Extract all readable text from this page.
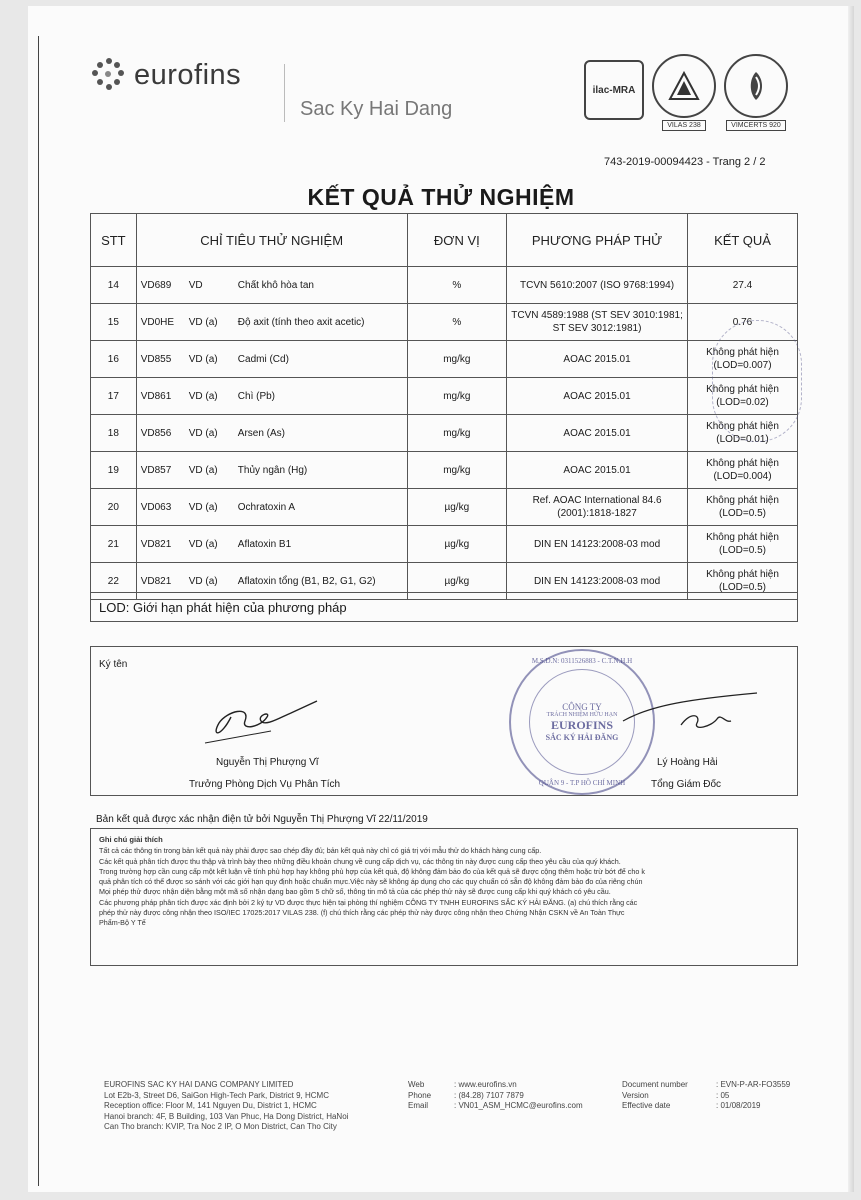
eurofins
Sac Ky Hai Dang
ilac-MRA
VILAS 238	VIMCERTS 920
743-2019-00094423 - Trang 2 / 2
KẾT QUẢ THỬ NGHIỆM
STT	CHỈ TIÊU THỬ NGHIỆM		ĐƠN VỊ	PHƯƠNG PHÁP THỬ	KẾT QUẢ
14	VD689 VD	Chất khô hòa tan	%	TCVN 5610:2007 (ISO 9768:1994)	27.4
15	VD0HE VD (a)	Độ axit (tính theo axit acetic)	%	TCVN 4589:1988 (ST SEV 3010:1981; ST SEV 3012:1981)	0.76
16	VD855 VD (a)	Cadmi (Cd)	mg/kg	AOAC 2015.01	Không phát hiện (LOD=0.007)
17	VD861 VD (a)	Chì (Pb)	mg/kg	AOAC 2015.01	Không phát hiện (LOD=0.02)
18	VD856 VD (a)	Arsen (As)	mg/kg	AOAC 2015.01	Không phát hiện (LOD=0.01)
19	VD857 VD (a)	Thủy ngân (Hg)	mg/kg	AOAC 2015.01	Không phát hiện (LOD=0.004)
20	VD063 VD (a)	Ochratoxin A	µg/kg	Ref. AOAC International 84.6 (2001):1818-1827	Không phát hiện (LOD=0.5)
21	VD821 VD (a)	Aflatoxin B1	µg/kg	DIN EN 14123:2008-03 mod	Không phát hiện (LOD=0.5)
22	VD821 VD (a)	Aflatoxin tổng (B1, B2, G1, G2)	µg/kg	DIN EN 14123:2008-03 mod	Không phát hiện (LOD=0.5)
LOD: Giới hạn phát hiện của phương pháp
Ký tên	M.S.D.N: 0311526883 - C.T.N.H.H
CÔNG TY
TRÁCH NHIỆM HỮU HẠN
EUROFINS
SẮC KÝ HẢI ĐĂNG
QUẬN 9 - T.P HỒ CHÍ MINH
Nguyễn Thị Phượng Vĩ
Trưởng Phòng Dịch Vụ Phân Tích
Lý Hoàng Hải
Tổng Giám Đốc
Bản kết quả được xác nhận điện tử bởi Nguyễn Thị Phượng Vĩ 22/11/2019
Ghi chú giải thích

Tất cả các thông tin trong bản kết quả này phải được sao chép đầy đủ; bản kết quả này chỉ có giá trị với mẫu thử do khách hàng cung cấp.

Các kết quả phân tích được thu thập và trình bày theo những điều khoản chung về cung cấp dịch vụ, các thông tin này được cung cấp theo yêu cầu của quý khách.

Trong trường hợp cần cung cấp một kết luận về tính phù hợp hay không phù hợp của kết quả, độ không đảm bảo đo của kết quả sẽ được cộng thêm hoặc trừ bớt để cho k

quả phân tích có thể được so sánh với các giới hạn quy định hoặc chuẩn mực.Việc này sẽ không áp dụng cho các quy chuẩn có sẵn độ không đảm bảo đo của riêng chún

Mọi phép thử được nhận diện bằng một mã số nhận dạng bao gồm 5 chữ số, thông tin mô tả của các phép thử này sẽ được cung cấp khi quý khách có yêu cầu.

Các phương pháp phân tích được xác định bởi 2 ký tự VD được thực hiện tại phòng thí nghiệm CÔNG TY TNHH EUROFINS SẮC KÝ HẢI ĐĂNG. (a) chú thích rằng các

phép thử này được công nhận theo ISO/IEC 17025:2017 VILAS 238. (f) chú thích rằng các phép thử này được công nhận theo Chứng Nhận CSKN về An Toàn Thực

Phẩm-Bộ Y Tế

EUROFINS SAC KY HAI DANG COMPANY LIMITED
Lot E2b-3, Street D6, SaiGon High-Tech Park, District 9, HCMC
Reception office: Floor M, 141 Nguyen Du, District 1, HCMC
Hanoi branch: 4F, B Building, 103 Van Phuc, Ha Dong District, HaNoi
Can Tho branch: KVIP, Tra Noc 2 IP, O Mon District, Can Tho City
Web
Phone
Email
: www.eurofins.vn
: (84.28) 7107 7879
: VN01_ASM_HCMC@eurofins.com
Document number
Version
Effective date
: EVN-P-AR-FO3559
: 05
: 01/08/2019
